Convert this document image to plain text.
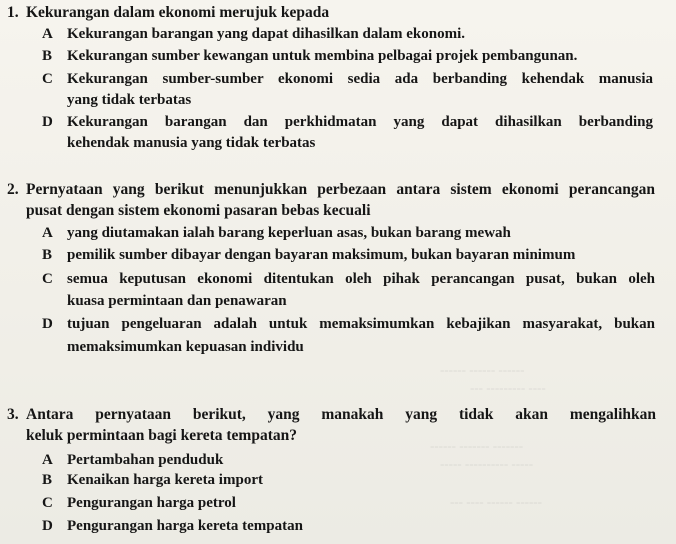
------ ------ ------
---- --------- ---
------- ------- ------
----- ---------- -----
------ ------ ---- ---
1. Kekurangan dalam ekonomi merujuk kepada
A Kekurangan barangan yang dapat dihasilkan dalam ekonomi.
B Kekurangan sumber kewangan untuk membina pelbagai projek pembangunan.
C Kekurangan sumber-sumber ekonomi sedia ada berbanding kehendak manusia
yang tidak terbatas
D Kekurangan barangan dan perkhidmatan yang dapat dihasilkan berbanding
kehendak manusia yang tidak terbatas
2. Pernyataan yang berikut menunjukkan perbezaan antara sistem ekonomi perancangan
pusat dengan sistem ekonomi pasaran bebas kecuali
A yang diutamakan ialah barang keperluan asas, bukan barang mewah
B pemilik sumber dibayar dengan bayaran maksimum, bukan bayaran minimum
C semua keputusan ekonomi ditentukan oleh pihak perancangan pusat, bukan oleh
kuasa permintaan dan penawaran
D tujuan pengeluaran adalah untuk memaksimumkan kebajikan masyarakat, bukan
memaksimumkan kepuasan individu
3. Antara pernyataan berikut, yang manakah yang tidak akan mengalihkan
keluk permintaan bagi kereta tempatan?
A Pertambahan penduduk
B Kenaikan harga kereta import
C Pengurangan harga petrol
D Pengurangan harga kereta tempatan
